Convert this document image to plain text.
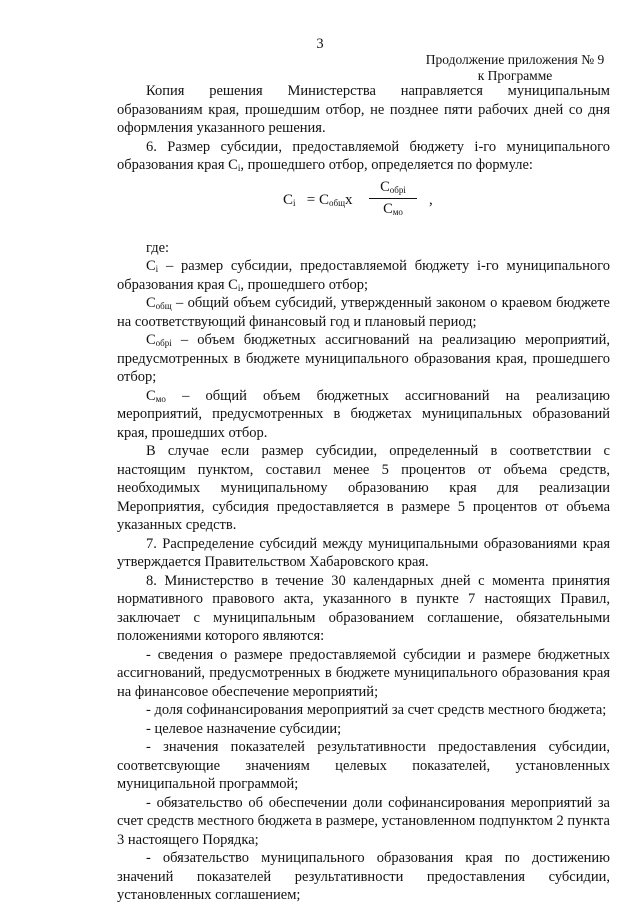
3
Продолжение приложения № 9
к Программе

Копия решения Министерства направляется муниципальным образованиям края, прошедшим отбор, не позднее пяти рабочих дней со дня оформления указанного решения.

6. Размер субсидии, предоставляемой бюджету i-го муниципального образования края $С_i$, прошедшего отбор, определяется по формуле:

$С_i = С_{общ}х$
$С_{обрi}$
$С_{мо}$
,

где:

$С_i$ – размер субсидии, предоставляемой бюджету i-го муниципального образования края $С_i$, прошедшего отбор;

$С_{общ}$ – общий объем субсидий, утвержденный законом о краевом бюджете на соответствующий финансовый год и плановый период;

$С_{обрi}$ – объем бюджетных ассигнований на реализацию мероприятий, предусмотренных в бюджете муниципального образования края, прошедшего отбор;

$С_{мо}$ – общий объем бюджетных ассигнований на реализацию мероприятий, предусмотренных в бюджетах муниципальных образований края, прошедших отбор.

В случае если размер субсидии, определенный в соответствии с настоящим пунктом, составил менее 5 процентов от объема средств, необходимых муниципальному образованию края для реализации Мероприятия, субсидия предоставляется в размере 5 процентов от объема указанных средств.

7. Распределение субсидий между муниципальными образованиями края утверждается Правительством Хабаровского края.

8. Министерство в течение 30 календарных дней с момента принятия нормативного правового акта, указанного в пункте 7 настоящих Правил, заключает с муниципальным образованием соглашение, обязательными положениями которого являются:

- сведения о размере предоставляемой субсидии и размере бюджетных ассигнований, предусмотренных в бюджете муниципального образования края на финансовое обеспечение мероприятий;

- доля софинансирования мероприятий за счет средств местного бюджета;

- целевое назначение субсидии;

- значения показателей результативности предоставления субсидии, соответсвующие значениям целевых показателей, установленных муниципальной программой;

- обязательство об обеспечении доли софинансирования мероприятий за счет средств местного бюджета в размере, установленном подпунктом 2 пункта 3 настоящего Порядка;

- обязательство муниципального образования края по достижению значений показателей результативности предоставления субсидии, установленных соглашением;
